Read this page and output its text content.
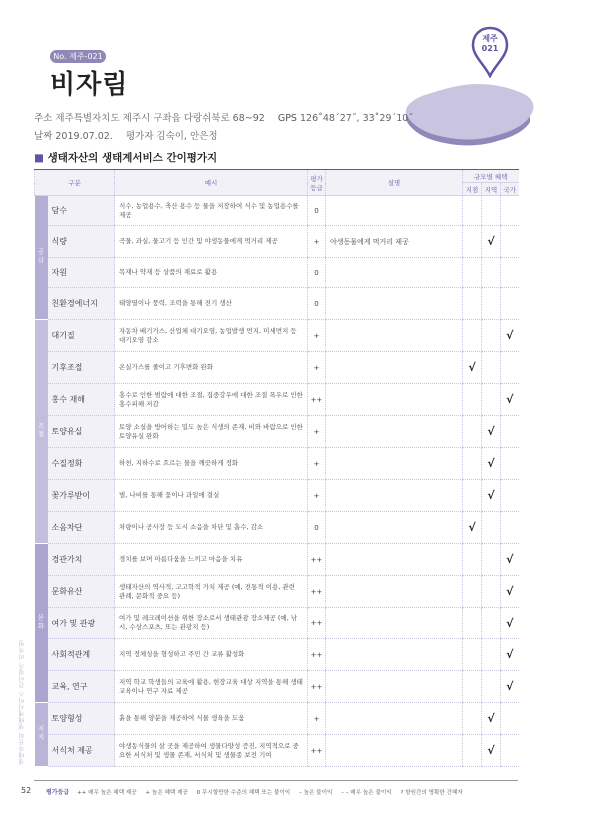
No. 제주-021
비자림
제주
021
주소 제주특별자치도 제주시 구좌읍 다랑쉬북로 68~92 GPS 126˚48´27˝, 33˚29´10˝
날짜 2019.07.02. 평가자 김숙이, 안은정
■ 생태자산의 생태계서비스 간이평가지
구분		예시	평가
등급	설명	규모별 혜택		
					지점	지역	국가
공급	담수	식수, 농업용수, 축산 용수 등 물을 저장하여 식수 및 농업용수를 제공	0				
	식량	곡물, 과실, 물고기 등 인간 및 야생동물에게 먹거리 제공	+	야생동물에게 먹거리 제공		√	
	자원	목재나 약재 등 상품의 재료로 활용	0				
	친환경에너지	태양열이나 풍력, 조력을 통해 전기 생산	0				
조절	대기질	자동차 배기가스, 산업체 대기오염, 농업발생 먼지, 미세먼지 등 대기오염 감소	+				√
	기후조절	온실가스를 줄이고 기후변화 완화	+		√		
	홍수 재해	홍수로 인한 범람에 대한 조절, 집중강우에 대한 조절 폭우로 인한 홍수피해 저감	++				√
	토양유실	토양 소실을 방어하는 밀도 높은 식생의 존재, 비와 바람으로 인한 토양유실 완화	+			√	
	수질정화	하천, 지하수로 흐르는 물을 깨끗하게 정화	+			√	
	꽃가루받이	벌, 나비를 통해 꽃이나 과일에 결실	+			√	
	소음차단	차량이나 공사장 등 도시 소음을 차단 및 흡수, 감소	0		√		
문화	경관가치	경치를 보며 아름다움을 느끼고 마음을 치유	++				√
	문화유산	생태자산의 역사적, 고고학적 가치 제공 (예, 전통적 이용, 관련 관례, 문화적 중요 등)	++				√
	여가 및 관광	여가 및 레크레이션을 위한 장소로서 생태관광 장소제공 (예, 낚시, 수상스포츠, 또는 관광지 등)	++				√
	사회적관계	지역 정체성을 형성하고 주민 간 교류 활성화	++				√
	교육, 연구	지역 학교 학생들의 교육에 활용, 현장교육 대상 지역을 통해 생태교육이나 연구 자료 제공	++				√
지지	토양형성	흙을 통해 양분을 제공하여 식물 생육을 도움	+			√	
	서식처 제공	야생동식물의 살 곳을 제공하여 생물다양성 증진, 지역적으로 중요한 서식처 및 생물 존재, 서식처 및 생물종 보전 기여	++			√	
생태자산의 생태계서비스 간이평가 비자림
52 평가등급 ++ 매우 높은 혜택 제공 + 높은 혜택 제공 0 무시할만한 수준의 혜택 또는 불이익 – 높은 불이익 – – 매우 높은 불이익 ? 항원간의 명확한 간혜자
